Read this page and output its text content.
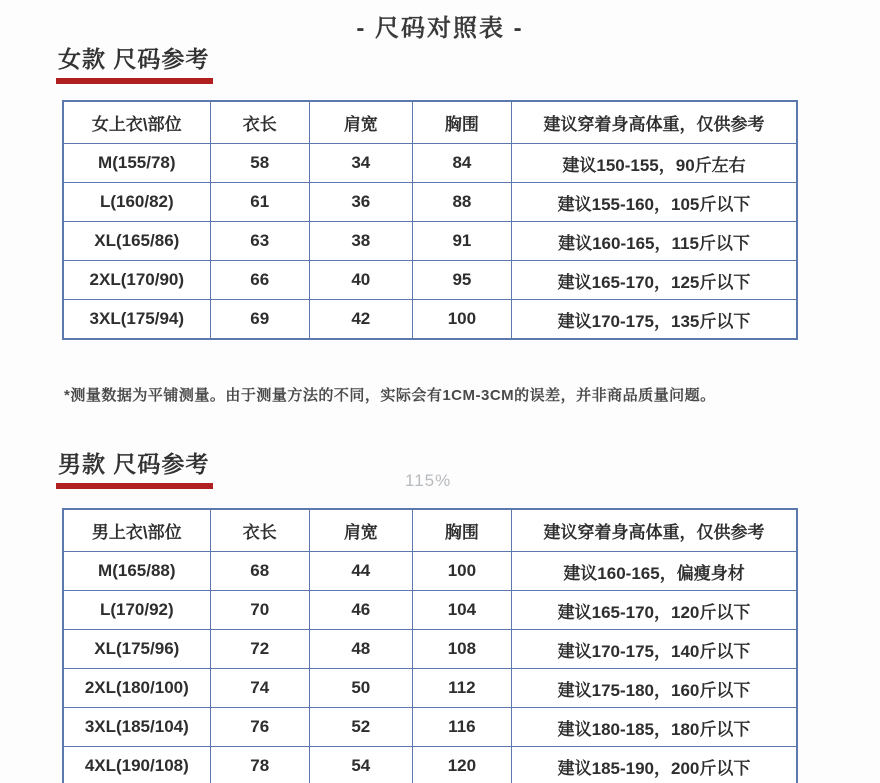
- 尺码对照表 -
女款 尺码参考
女上衣\部位	衣长	肩宽	胸围	建议穿着身高体重，仅供参考
M(155/78)	58	34	84	建议150-155，90斤左右
L(160/82)	61	36	88	建议155-160，105斤以下
XL(165/86)	63	38	91	建议160-165，115斤以下
2XL(170/90)	66	40	95	建议165-170，125斤以下
3XL(175/94)	69	42	100	建议170-175，135斤以下

*测量数据为平铺测量。由于测量方法的不同，实际会有1CM-3CM的误差，并非商品质量问题。

男款 尺码参考
115%
男上衣\部位	衣长	肩宽	胸围	建议穿着身高体重，仅供参考
M(165/88)	68	44	100	建议160-165，偏瘦身材
L(170/92)	70	46	104	建议165-170，120斤以下
XL(175/96)	72	48	108	建议170-175，140斤以下
2XL(180/100)	74	50	112	建议175-180，160斤以下
3XL(185/104)	76	52	116	建议180-185，180斤以下
4XL(190/108)	78	54	120	建议185-190，200斤以下
